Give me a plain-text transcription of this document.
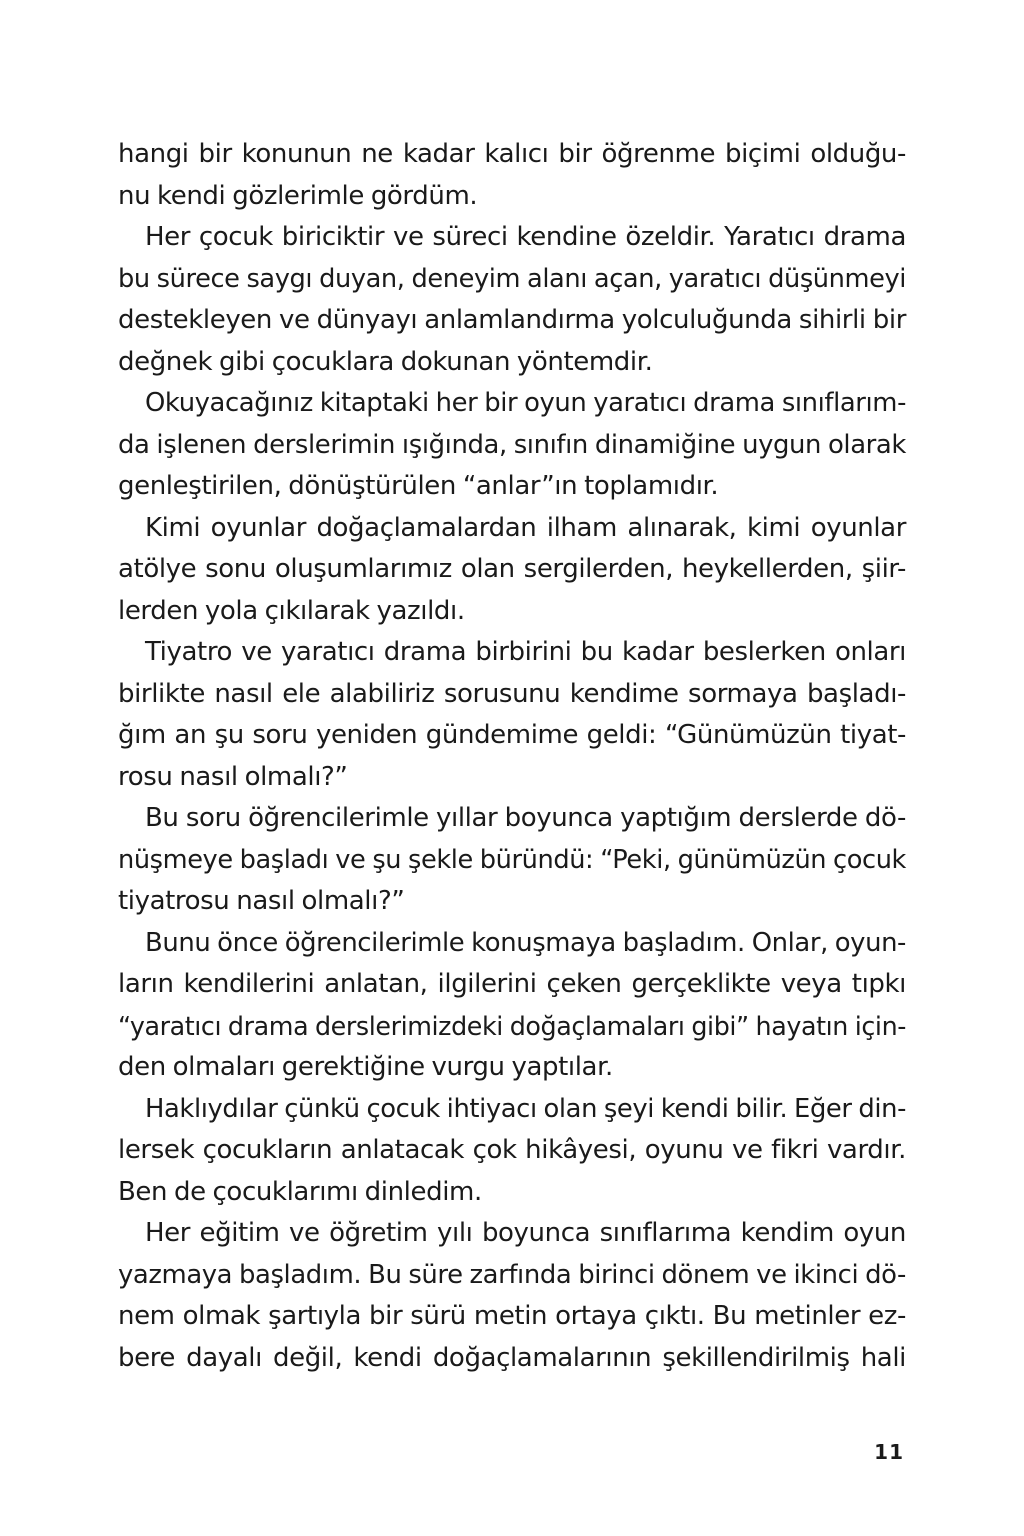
hangi bir konunun ne kadar kalıcı bir öğrenme biçimi olduğu-
nu kendi gözlerimle gördüm.
Her çocuk biriciktir ve süreci kendine özeldir. Yaratıcı drama
bu sürece saygı duyan, deneyim alanı açan, yaratıcı düşünmeyi
destekleyen ve dünyayı anlamlandırma yolculuğunda sihirli bir
değnek gibi çocuklara dokunan yöntemdir.
Okuyacağınız kitaptaki her bir oyun yaratıcı drama sınıflarım-
da işlenen derslerimin ışığında, sınıfın dinamiğine uygun olarak
genleştirilen, dönüştürülen “anlar”ın toplamıdır.
Kimi oyunlar doğaçlamalardan ilham alınarak, kimi oyunlar
atölye sonu oluşumlarımız olan sergilerden, heykellerden, şiir-
lerden yola çıkılarak yazıldı.
Tiyatro ve yaratıcı drama birbirini bu kadar beslerken onları
birlikte nasıl ele alabiliriz sorusunu kendime sormaya başladı-
ğım an şu soru yeniden gündemime geldi: “Günümüzün tiyat-
rosu nasıl olmalı?”
Bu soru öğrencilerimle yıllar boyunca yaptığım derslerde dö-
nüşmeye başladı ve şu şekle büründü: “Peki, günümüzün çocuk
tiyatrosu nasıl olmalı?”
Bunu önce öğrencilerimle konuşmaya başladım. Onlar, oyun-
ların kendilerini anlatan, ilgilerini çeken gerçeklikte veya tıpkı
“yaratıcı drama derslerimizdeki doğaçlamaları gibi” hayatın için-
den olmaları gerektiğine vurgu yaptılar.
Haklıydılar çünkü çocuk ihtiyacı olan şeyi kendi bilir. Eğer din-
lersek çocukların anlatacak çok hikâyesi, oyunu ve fikri vardır.
Ben de çocuklarımı dinledim.
Her eğitim ve öğretim yılı boyunca sınıflarıma kendim oyun
yazmaya başladım. Bu süre zarfında birinci dönem ve ikinci dö-
nem olmak şartıyla bir sürü metin ortaya çıktı. Bu metinler ez-
bere dayalı değil, kendi doğaçlamalarının şekillendirilmiş hali
11
